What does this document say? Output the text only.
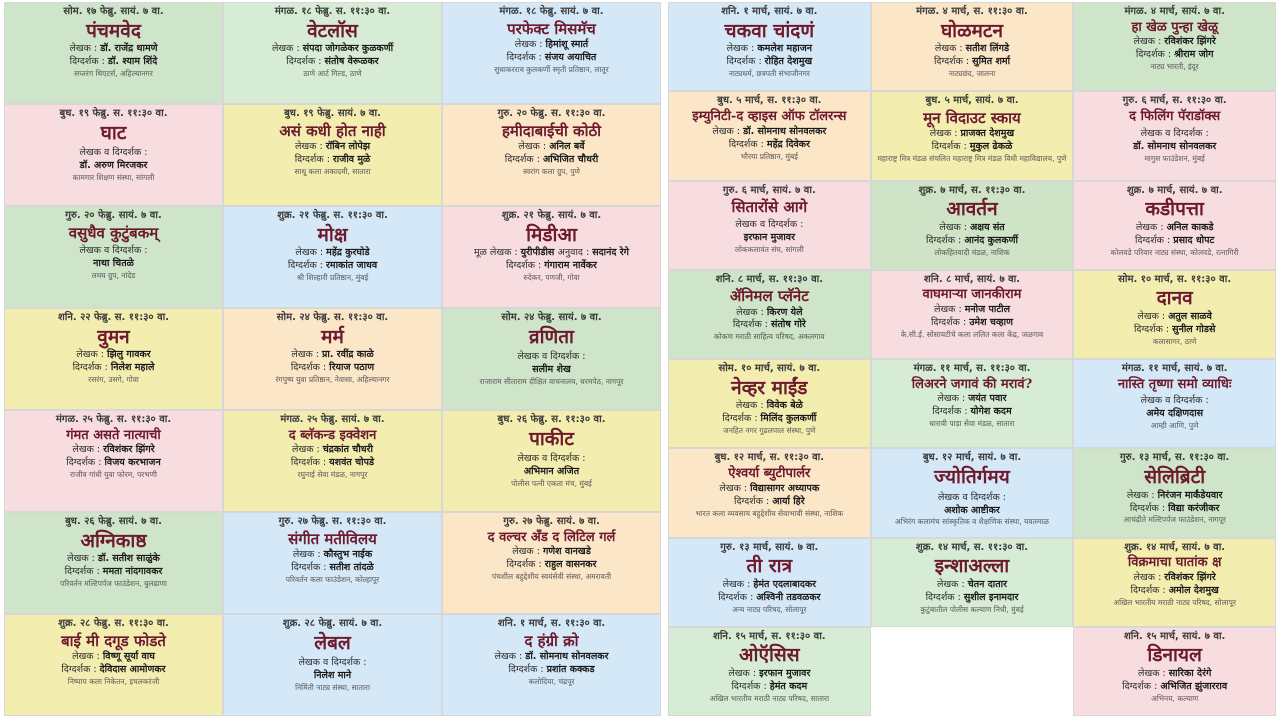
सोम. १७ फेब्रु. सायं. ७ वा.
पंचमवेद
लेखक : डॉ. राजेंद्र थामणे
दिग्दर्शक : डॉ. श्याम शिंदे
सप्तरंग थिएटर्स, अहिल्यानगर
मंगळ. १८ फेब्रु. स. ११:३० वा.
वेटलॉस
लेखक : संपदा जोगळेकर कुळकर्णी
दिग्दर्शक : संतोष वेरूळकर
ठाणे आर्ट गिल्ड, ठाणे
मंगळ. १८ फेब्रु. सायं. ७ वा.
परफेक्ट मिसमॅच
लेखक : हिमांशू स्मार्त
दिग्दर्शक : संजय अयाचित
सुधाकरराव कुलकर्णी स्मृती प्रतिष्ठान, लातूर
बुध. १९ फेब्रु. स. ११:३० वा.
घाट
लेखक व दिग्दर्शक :
डॉ. अरुण मिरजकर
कामगार शिक्षण संस्था, सांगली
बुध. १९ फेब्रु. सायं. ७ वा.
असं कधी होत नाही
लेखक : रॉबिन लोपेझ
दिग्दर्शक : राजीव मुळे
साधू कला अकादमी, सातारा
गुरु. २० फेब्रु. स. ११:३० वा.
हमीदाबाईची कोठी
लेखक : अनिल बर्वे
दिग्दर्शक : अभिजित चौधरी
स्वरांग कला ग्रुप, पुणे
गुरु. २० फेब्रु. सायं. ७ वा.
वसुधैव कुटुंबकम्
लेखक व दिग्दर्शक :
नाथा चितळे
लमय ग्रुप, नांदेड
शुक्र. २१ फेब्रु. स. ११:३० वा.
मोक्ष
लेखक : महेंद्र कुरघोडे
दिग्दर्शक : रमाकांत जाधव
श्री शिल्हारी प्रतिष्ठान, मुंबई
शुक्र. २१ फेब्रु. सायं. ७ वा.
मिडीआ
मूळ लेखक : युरीपीडीस अनुवाद : सदानंद रेगे
दिग्दर्शक : गंगाराम नार्वेकर
रुदेकर, पणजी, गोवा
शनि. २२ फेब्रु. स. ११:३० वा.
वुमन
लेखक : झिलु गावकर
दिग्दर्शक : निलेश महाले
रसरंग, उसगे, गोवा
सोम. २४ फेब्रु. स. ११:३० वा.
मर्म
लेखक : प्रा. रवींद्र काळे
दिग्दर्शक : रियाज पठाण
रंगपुष्प युवा प्रतिष्ठान, नेवासा, अहिल्यानगर
सोम. २४ फेब्रु. सायं. ७ वा.
व्रणिता
लेखक व दिग्दर्शक :
सलीम शेख
राजाराम सीताराम दीक्षित वाचनालय, धरमपेठ, नागपूर
मंगळ. २५ फेब्रु. स. ११:३० वा.
गंमत असते नात्याची
लेखक : रविशंकर झिंगरे
दिग्दर्शक : विजय करभाजन
राजीव गांधी युवा फोरम, परभणी
मंगळ. २५ फेब्रु. सायं. ७ वा.
द ब्लॅकन्ड इक्वेशन
लेखक : चंद्रकांत चौधरी
दिग्दर्शक : यशवंत चोपडे
रघुनाई सेवा मंडळ, नागपूर
बुध. २६ फेब्रु. स. ११:३० वा.
पाकीट
लेखक व दिग्दर्शक :
अभिमान अजित
पोलीस पत्नी एकता मंच, मुंबई
बुध. २६ फेब्रु. सायं. ७ वा.
अग्निकाष्ठ
लेखक : डॉ. सतीश साळुंके
दिग्दर्शक : ममता नांदगावकर
परिवर्तन मल्टिपर्पज फाउंडेशन, बुलढाणा
गुरु. २७ फेब्रु. स. ११:३० वा.
संगीत मतीविलय
लेखक : कौस्तुभ नाईक
दिग्दर्शक : सतीश तांदळे
परिवर्तन कला फाउंडेशन, कोल्हापूर
गुरु. २७ फेब्रु. सायं. ७ वा.
द वल्चर अँड द लिटिल गर्ल
लेखक : गणेश वानखडे
दिग्दर्शक : राहुल वासनकर
पंचशील बहुद्देशीय स्वयंसेवी संस्था, अमरावती
शुक्र. २८ फेब्रु. स. ११:३० वा.
बाई मी दगूड फोडते
लेखक : विष्णू सूर्या वाघ
दिग्दर्शक : देविदास आमोणकर
निष्पाप कला निकेतन, इचलकरंजी
शुक्र. २८ फेब्रु. सायं. ७ वा.
लेबल
लेखक व दिग्दर्शक :
निलेश माने
निर्मिती नाट्य संस्था, सातारा
शनि. १ मार्च, स. ११:३० वा.
द हंग्री क्रो
लेखक : डॉ. सोमनाथ सोनवलकर
दिग्दर्शक : प्रशांत कक्कड
कलोदिया, चंद्रपूर
शनि. १ मार्च, सायं. ७ वा.
चकवा चांदणं
लेखक : कमलेश महाजन
दिग्दर्शक : रोहित देशमुख
नाट्यधर्म, छत्रपती संभाजीनगर
मंगळ. ४ मार्च, स. ११:३० वा.
घोळमटन
लेखक : सतीश लिंगडे
दिग्दर्शक : सुमित शर्मा
नाट्यछंद, जालना
मंगळ. ४ मार्च, सायं. ७ वा.
हा खेळ पुन्हा खेळू
लेखक : रविशंकर झिंगरे
दिग्दर्शक : श्रीराम जोग
नाट्य भारती, इंदूर
बुध. ५ मार्च, स. ११:३० वा.
इम्युनिटी-द व्हाइस ऑफ टॉलरन्स
लेखक : डॉ. सोमनाथ सोनवलकर
दिग्दर्शक : महेंद्र दिवेकर
भौरया प्रतिष्ठान, मुंबई
बुध. ५ मार्च, सायं. ७ वा.
मून विदाउट स्काय
लेखक : प्राजक्त देशमुख
दिग्दर्शक : मुकुल ढेकळे
महाराष्ट्र मित्र मंडळ संचलित महाराष्ट्र मित्र मंडळ विधी महाविद्यालय, पुणे
गुरु. ६ मार्च, स. ११:३० वा.
द फिलिंग पॅराडॉक्स
लेखक व दिग्दर्शक :
डॉ. सोमनाथ सोनवलकर
मागुस फाउंडेशन, मुंबई
गुरु. ६ मार्च, सायं. ७ वा.
सितारोंसे आगे
लेखक व दिग्दर्शक :
इरफान मुजावर
लोककलावंत संघ, सांगली
शुक्र. ७ मार्च, स. ११:३० वा.
आवर्तन
लेखक : अक्षय संत
दिग्दर्शक : आनंद कुलकर्णी
लोकहितवादी मंडळ, नाशिक
शुक्र. ७ मार्च, सायं. ७ वा.
कडीपत्ता
लेखक : अनिल काकडे
दिग्दर्शक : प्रसाद धोपट
कोलवडे परिवार नाट्य संस्था, कोलवडे, रत्नागिरी
शनि. ८ मार्च, स. ११:३० वा.
ॲनिमल प्लॅनेट
लेखक : किरण येले
दिग्दर्शक : संतोष गोरे
कोकण मराठी साहित्य परिषद, अकलगाव
शनि. ८ मार्च, सायं. ७ वा.
वाघमाऱ्या जानकीराम
लेखक : मनोज पाटील
दिग्दर्शक : उमेश चव्हाण
के.सी.ई. सोसायटीचे कला ललित कला केंद्र, जळगाव
सोम. १० मार्च, स. ११:३० वा.
दानव
लेखक : अतुल साळवे
दिग्दर्शक : सुनील गोडसे
कलासागर, ठाणे
सोम. १० मार्च, सायं. ७ वा.
नेव्हर माईंड
लेखक : विवेक बेळे
दिग्दर्शक : मिलिंद कुलकर्णी
जनहित नगर गुढलपाल संस्था, पुणे
मंगळ. ११ मार्च, स. ११:३० वा.
लिअरने जगावं की मरावं?
लेखक : जयंत पवार
दिग्दर्शक : योगेश कदम
धारावी पाडा सेवा मंडळ, सातारा
मंगळ. ११ मार्च, सायं. ७ वा.
नास्ति तृष्णा समो व्याधिः
लेखक व दिग्दर्शक :
अमेय दक्षिणदास
आम्ही आणि, पुणे
बुध. १२ मार्च, स. ११:३० वा.
ऐश्वर्या ब्युटीपार्लर
लेखक : विद्यासागर अध्यापक
दिग्दर्शक : आर्या हिरे
भारत कला व्यवसाय बहुद्देशीय सेवाभावी संस्था, नाशिक
बुध. १२ मार्च, सायं. ७ वा.
ज्योतिर्गमय
लेखक व दिग्दर्शक :
अशोक आष्टीकर
अभिरंग कलामंच सांस्कृतिक व शैक्षणिक संस्था, यवतमाळ
गुरु. १३ मार्च, स. ११:३० वा.
सेलिब्रिटी
लेखक : निरंजन मार्कंडेयवार
दिग्दर्शक : विद्या करंजीकर
आचंद्रीते मल्टिपर्पज फाउंडेशन, नागपूर
गुरु. १३ मार्च, सायं. ७ वा.
ती रात्र
लेखक : हेमंत एदलाबादकर
दिग्दर्शक : अश्विनी तडवळकर
अन्य नाट्य परिषद, सोलापूर
शुक्र. १४ मार्च, स. ११:३० वा.
इन्शाअल्ला
लेखक : चेतन दातार
दिग्दर्शक : सुशील इनामदार
कुटुंबातील पोलीस कल्याण निधी, मुंबई
शुक्र. १४ मार्च, सायं. ७ वा.
विक्रमाचा घातांक क्ष
लेखक : रविशंकर झिंगरे
दिग्दर्शक : अमोल देशमुख
अखिल भारतीय मराठी नाट्य परिषद, सोलापूर
शनि. १५ मार्च, स. ११:३० वा.
ओऍसिस
लेखक : इरफान मुजावर
दिग्दर्शक : हेमंत कदम
अखिल भारतीय मराठी नाट्य परिषद, सातारा
शनि. १५ मार्च, सायं. ७ वा.
डिनायल
लेखक : सारिका देरंगे
दिग्दर्शक : अभिजित झुंजारराव
अभिनय, कल्याण
